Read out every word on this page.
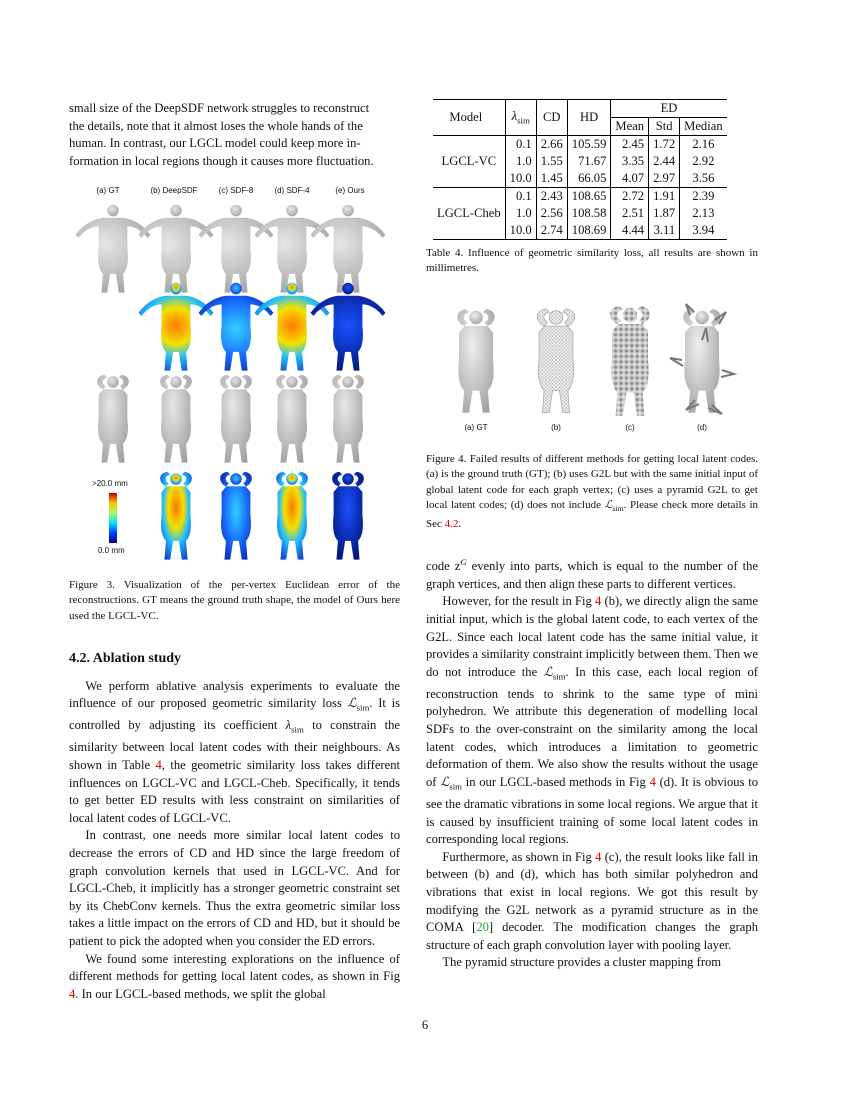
small size of the DeepSDF network struggles to reconstruct
the details, note that it almost loses the whole hands of the
human. In contrast, our LGCL model could keep more in-
formation in local regions though it causes more fluctuation.
(a) GT	(b) DeepSDF	(c) SDF-8	(d) SDF-4	(e) Ours
>20.0 mm
0.0 mm

Figure 3. Visualization of the per-vertex Euclidean error of the reconstructions. GT means the ground truth shape, the model of Ours here used the LGCL-VC.

4.2. Ablation study

We perform ablative analysis experiments to evaluate the influence of our proposed geometric similarity loss ℒ$_{sim}$. It is controlled by adjusting its coefficient $\lambda_{sim}$ to constrain the similarity between local latent codes with their neighbours. As shown in Table 4, the geometric similarity loss takes different influences on LGCL-VC and LGCL-Cheb. Specifically, it tends to get better ED results with less constraint on similarities of local latent codes of LGCL-VC.

In contrast, one needs more similar local latent codes to decrease the errors of CD and HD since the large freedom of graph convolution kernels that used in LGCL-VC. And for LGCL-Cheb, it implicitly has a stronger geometric constraint set by its ChebConv kernels. Thus the extra geometric similar loss takes a little impact on the errors of CD and HD, but it should be patient to pick the adopted when you consider the ED errors.

We found some interesting explorations on the influence of different methods for getting local latent codes, as shown in Fig 4. In our LGCL-based methods, we split the global

Model	$\lambda_{sim}$	CD	HD	ED		
				Mean	Std	Median
LGCL-VC	0.1	2.66	105.59	2.45	1.72	2.16
	1.0	1.55	71.67	3.35	2.44	2.92
	10.0	1.45	66.05	4.07	2.97	3.56
LGCL-Cheb	0.1	2.43	108.65	2.72	1.91	2.39
	1.0	2.56	108.58	2.51	1.87	2.13
	10.0	2.74	108.69	4.44	3.11	3.94

Table 4. Influence of geometric similarity loss, all results are shown in millimetres.

(a) GT	(b)	(c)	(d)

Figure 4. Failed results of different methods for getting local latent codes. (a) is the ground truth (GT); (b) uses G2L but with the same initial input of global latent code for each graph vertex; (c) uses a pyramid G2L to get local latent codes; (d) does not include ℒ$_{sim}$. Please check more details in Sec 4.2.

code $z^G$ evenly into parts, which is equal to the number of the graph vertices, and then align these parts to different vertices.

However, for the result in Fig 4 (b), we directly align the same initial input, which is the global latent code, to each vertex of the G2L. Since each local latent code has the same initial value, it provides a similarity constraint implicitly between them. Then we do not introduce the ℒ$_{sim}$. In this case, each local region of reconstruction tends to shrink to the same type of mini polyhedron. We attribute this degeneration of modelling local SDFs to the over-constraint on the similarity among the local latent codes, which introduces a limitation to geometric deformation of them. We also show the results without the usage of ℒ$_{sim}$ in our LGCL-based methods in Fig 4 (d). It is obvious to see the dramatic vibrations in some local regions. We argue that it is caused by insufficient training of some local latent codes in corresponding local regions.

Furthermore, as shown in Fig 4 (c), the result looks like fall in between (b) and (d), which has both similar polyhedron and vibrations that exist in local regions. We got this result by modifying the G2L network as a pyramid structure as in the COMA [20] decoder. The modification changes the graph structure of each graph convolution layer with pooling layer.

The pyramid structure provides a cluster mapping from

6
